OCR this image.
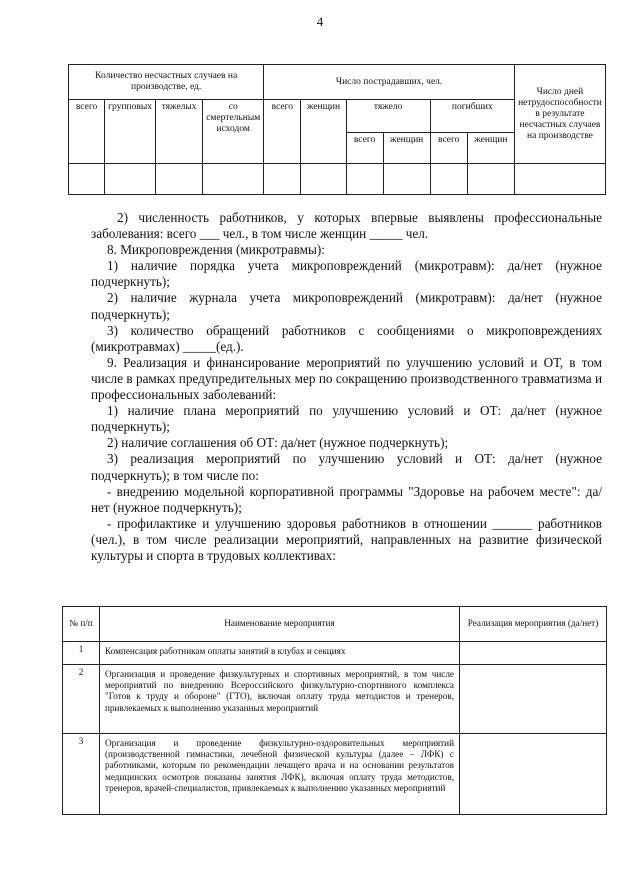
4
Количество несчастных случаев на производстве, ед.				Число пострадавших, чел.						Число дней нетрудоспособности в результате несчастных случаев на производстве
всего	групповых	тяжелых	со смертельным исходом	всего	женщин	тяжело		погибших		
						всего	женщин	всего	женщин	

2) численность работников, у которых впервые выявлены профессиональные заболевания: всего ___ чел., в том числе женщин _____ чел.

8. Микроповреждения (микротравмы):

1) наличие порядка учета микроповреждений (микротравм): да/нет (нужное подчеркнуть);

2) наличие журнала учета микроповреждений (микротравм): да/нет (нужное подчеркнуть);

3) количество обращений работников с сообщениями о микроповреждениях (микротравмах) _____(ед.).

9. Реализация и финансирование мероприятий по улучшению условий и ОТ, в том числе в рамках предупредительных мер по сокращению производственного травматизма и профессиональных заболеваний:

1) наличие плана мероприятий по улучшению условий и ОТ: да/нет (нужное подчеркнуть);

2) наличие соглашения об ОТ: да/нет (нужное подчеркнуть);

3) реализация мероприятий по улучшению условий и ОТ: да/нет (нужное подчеркнуть); в том числе по:

- внедрению модельной корпоративной программы "Здоровье на рабочем месте": да/нет (нужное подчеркнуть);

- профилактике и улучшению здоровья работников в отношении ______ работников (чел.), в том числе реализации мероприятий, направленных на развитие физической культуры и спорта в трудовых коллективах:

№ п/п	Наименование мероприятия	Реализация мероприятия (да/нет)
1	Компенсация работникам оплаты занятий в клубах и секциях	
2	Организация и проведение физкультурных и спортивных мероприятий, в том числе мероприятий по внедрению Всероссийского физкультурно-спортивного комплекса "Готов к труду и обороне" (ГТО), включая оплату труда методистов и тренеров, привлекаемых к выполнению указанных мероприятий	
3	Организация и проведение физкультурно-оздоровительных мероприятий (производственной гимнастики, лечебной физической культуры (далее – ЛФК) с работниками, которым по рекомендации лечащего врача и на основании результатов медицинских осмотров показаны занятия ЛФК), включая оплату труда методистов, тренеров, врачей-специалистов, привлекаемых к выполнению указанных мероприятий	
